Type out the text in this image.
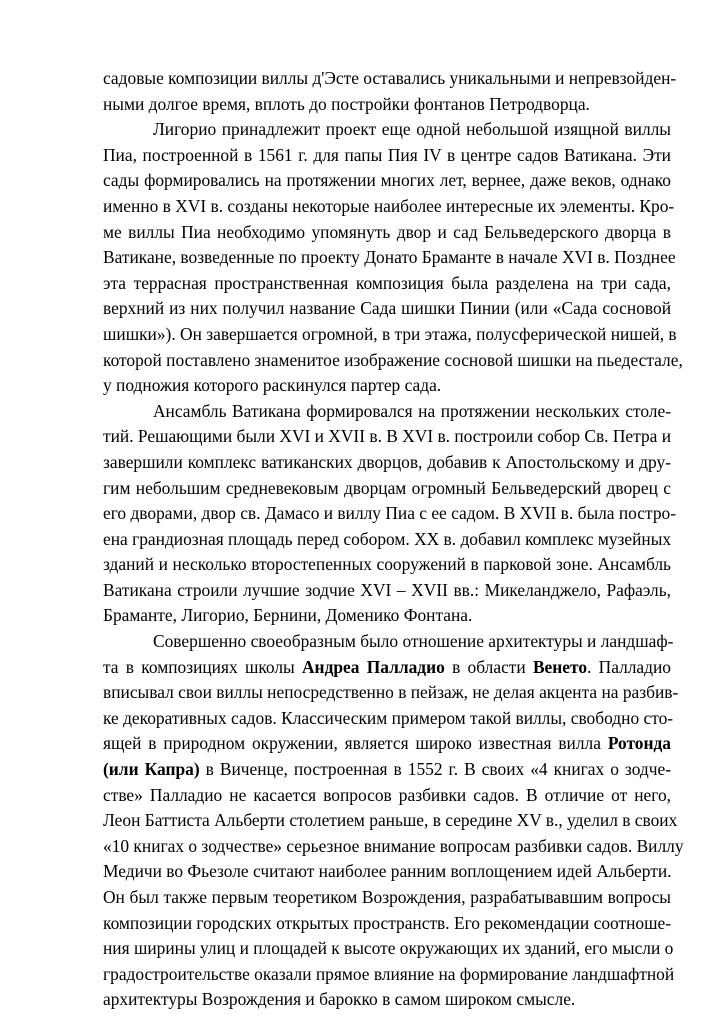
садовые композиции виллы д'Эсте оставались уникальными и непревзойден-
ными долгое время, вплоть до постройки фонтанов Петродворца.
Лигорио принадлежит проект еще одной небольшой изящной виллы
Пиа, построенной в 1561 г. для папы Пия IV в центре садов Ватикана. Эти
сады формировались на протяжении многих лет, вернее, даже веков, однако
именно в XVI в. созданы некоторые наиболее интересные их элементы. Кро-
ме виллы Пиа необходимо упомянуть двор и сад Бельведерского дворца в
Ватикане, возведенные по проекту Донато Браманте в начале XVI в. Позднее
эта террасная пространственная композиция была разделена на три сада,
верхний из них получил название Сада шишки Пинии (или «Сада сосновой
шишки»). Он завершается огромной, в три этажа, полусферической нишей, в
которой поставлено знаменитое изображение сосновой шишки на пьедестале,
у подножия которого раскинулся партер сада.
Ансамбль Ватикана формировался на протяжении нескольких столе-
тий. Решающими были XVI и XVII в. В XVI в. построили собор Св. Петра и
завершили комплекс ватиканских дворцов, добавив к Апостольскому и дру-
гим небольшим средневековым дворцам огромный Бельведерский дворец с
его дворами, двор св. Дамасо и виллу Пиа с ее садом. В XVII в. была постро-
ена грандиозная площадь перед собором. XX в. добавил комплекс музейных
зданий и несколько второстепенных сооружений в парковой зоне. Ансамбль
Ватикана строили лучшие зодчие XVI – XVII вв.: Микеланджело, Рафаэль,
Браманте, Лигорио, Бернини, Доменико Фонтана.
Совершенно своеобразным было отношение архитектуры и ландшаф-
та в композициях школы Андреа Палладио в области Венето. Палладио
вписывал свои виллы непосредственно в пейзаж, не делая акцента на разбив-
ке декоративных садов. Классическим примером такой виллы, свободно сто-
ящей в природном окружении, является широко известная вилла Ротонда
(или Капра) в Виченце, построенная в 1552 г. В своих «4 книгах о зодче-
стве» Палладио не касается вопросов разбивки садов. В отличие от него,
Леон Баттиста Альберти столетием раньше, в середине XV в., уделил в своих
«10 книгах о зодчестве» серьезное внимание вопросам разбивки садов. Виллу
Медичи во Фьезоле считают наиболее ранним воплощением идей Альберти.
Он был также первым теоретиком Возрождения, разрабатывавшим вопросы
композиции городских открытых пространств. Его рекомендации соотноше-
ния ширины улиц и площадей к высоте окружающих их зданий, его мысли о
градостроительстве оказали прямое влияние на формирование ландшафтной
архитектуры Возрождения и барокко в самом широком смысле.
